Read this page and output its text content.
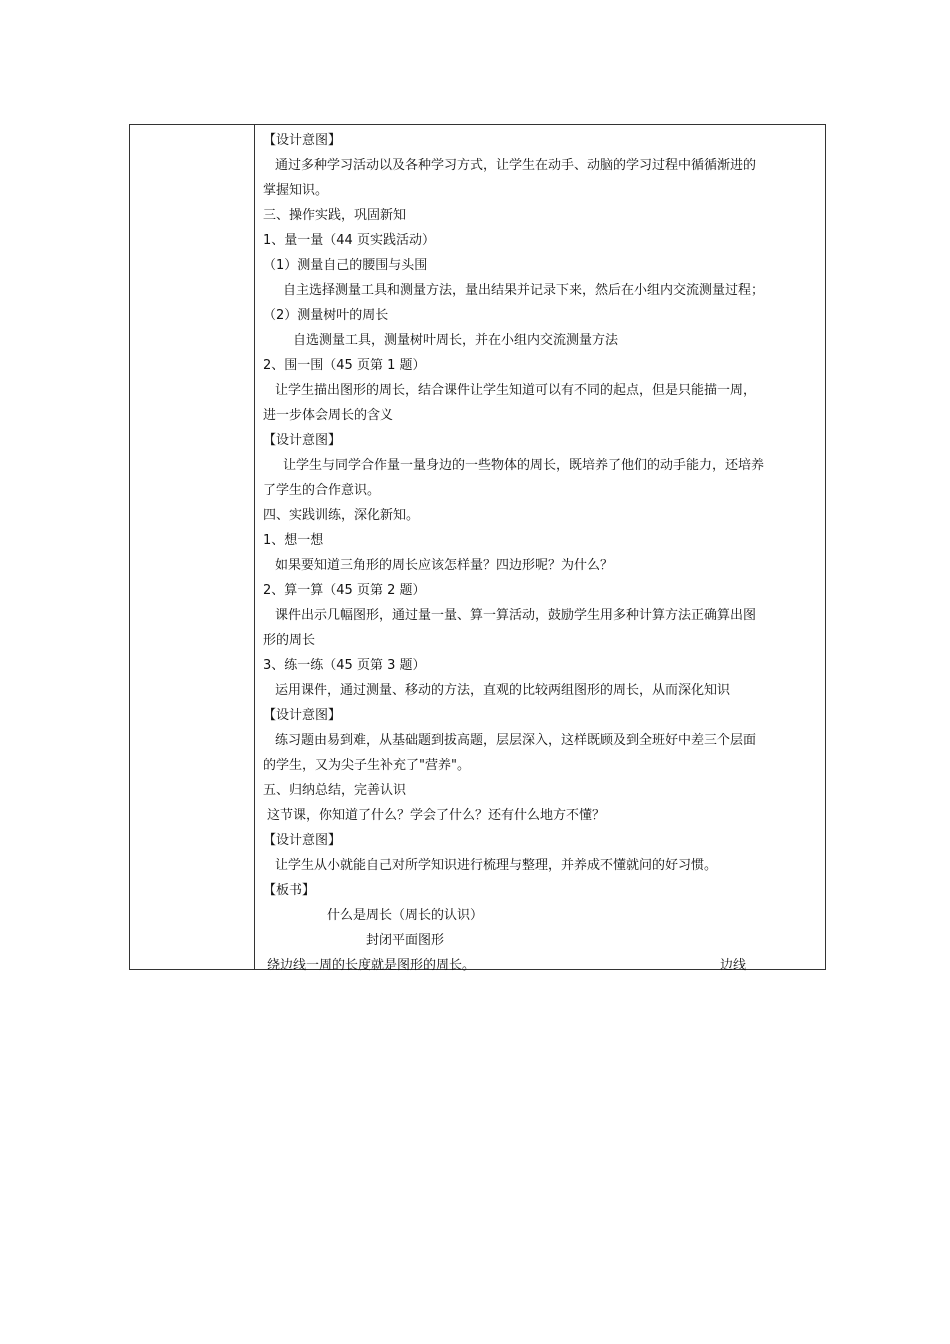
【设计意图】
通过多种学习活动以及各种学习方式，让学生在动手、动脑的学习过程中循循渐进的
掌握知识。
三、操作实践，巩固新知
1、量一量（44 页实践活动）
（1）测量自己的腰围与头围
自主选择测量工具和测量方法，量出结果并记录下来，然后在小组内交流测量过程；
（2）测量树叶的周长
自选测量工具，测量树叶周长，并在小组内交流测量方法
2、围一围（45 页第 1 题）
让学生描出图形的周长，结合课件让学生知道可以有不同的起点，但是只能描一周，
进一步体会周长的含义
【设计意图】
让学生与同学合作量一量身边的一些物体的周长，既培养了他们的动手能力，还培养
了学生的合作意识。
四、实践训练，深化新知。
1、想一想
如果要知道三角形的周长应该怎样量？四边形呢？为什么？
2、算一算（45 页第 2 题）
课件出示几幅图形，通过量一量、算一算活动，鼓励学生用多种计算方法正确算出图
形的周长
3、练一练（45 页第 3 题）
运用课件，通过测量、移动的方法，直观的比较两组图形的周长，从而深化知识
【设计意图】
练习题由易到难，从基础题到拔高题，层层深入，这样既顾及到全班好中差三个层面
的学生，又为尖子生补充了"营养"。
五、归纳总结，完善认识
这节课，你知道了什么？学会了什么？还有什么地方不懂？
【设计意图】
让学生从小就能自己对所学知识进行梳理与整理，并养成不懂就问的好习惯。
【板书】
什么是周长（周长的认识）
封闭平面图形
绕边线一周的长度就是图形的周长。	边线
